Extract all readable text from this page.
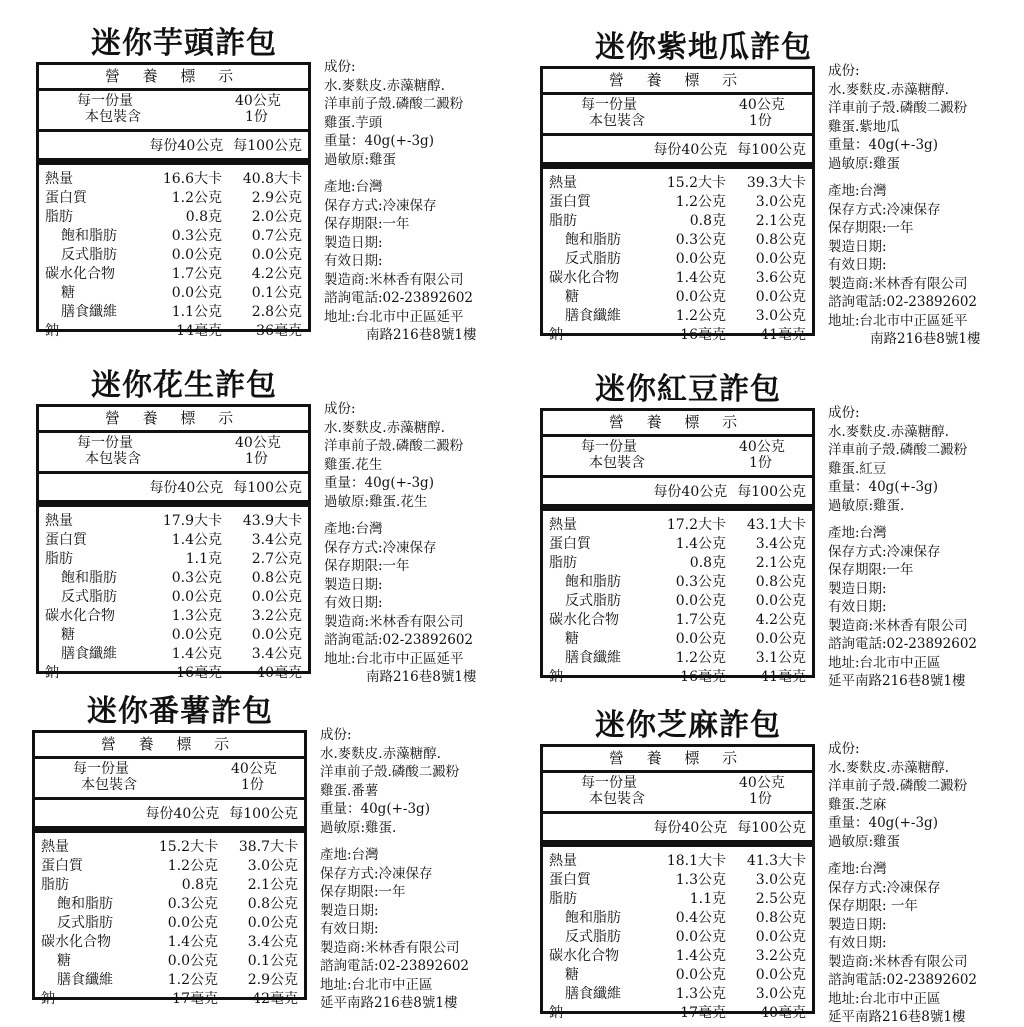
迷你芋頭詐包
營 養 標 示
每一份量	40公克
本包裝含	1份
每份40公克 每100公克
熱量	16.6大卡 40.8大卡
蛋白質	1.2公克 2.9公克
脂肪	0.8克 2.0公克
飽和脂肪	0.3公克 0.7公克
反式脂肪	0.0公克 0.0公克
碳水化合物	1.7公克 4.2公克
糖	0.0公克 0.1公克
膳食纖維	1.1公克 2.8公克
鈉	14毫克 36毫克
成份:
水.麥麩皮.赤藻糖醇.
洋車前子殼.磷酸二澱粉
雞蛋.芋頭
重量：40g(+-3g)
過敏原:雞蛋
產地:台灣
保存方式:冷凍保存
保存期限:一年
製造日期:
有效日期:
製造商:米林香有限公司
諮詢電話:02-23892602
地址:台北市中正區延平
南路216巷8號1樓
迷你紫地瓜詐包
營 養 標 示
每一份量	40公克
本包裝含	1份
每份40公克 每100公克
熱量	15.2大卡 39.3大卡
蛋白質	1.2公克 3.0公克
脂肪	0.8克 2.1公克
飽和脂肪	0.3公克 0.8公克
反式脂肪	0.0公克 0.0公克
碳水化合物	1.4公克 3.6公克
糖	0.0公克 0.0公克
膳食纖維	1.2公克 3.0公克
鈉	16毫克 41毫克
成份:
水.麥麩皮.赤藻糖醇.
洋車前子殼.磷酸二澱粉
雞蛋.紫地瓜
重量：40g(+-3g)
過敏原:雞蛋
產地:台灣
保存方式:冷凍保存
保存期限:一年
製造日期:
有效日期:
製造商:米林香有限公司
諮詢電話:02-23892602
地址:台北市中正區延平
南路216巷8號1樓
迷你花生詐包
營 養 標 示
每一份量	40公克
本包裝含	1份
每份40公克 每100公克
熱量	17.9大卡 43.9大卡
蛋白質	1.4公克 3.4公克
脂肪	1.1克 2.7公克
飽和脂肪	0.3公克 0.8公克
反式脂肪	0.0公克 0.0公克
碳水化合物	1.3公克 3.2公克
糖	0.0公克 0.0公克
膳食纖維	1.4公克 3.4公克
鈉	16毫克 40毫克
成份:
水.麥麩皮.赤藻糖醇.
洋車前子殼.磷酸二澱粉
雞蛋.花生
重量：40g(+-3g)
過敏原:雞蛋.花生
產地:台灣
保存方式:冷凍保存
保存期限:一年
製造日期:
有效日期:
製造商:米林香有限公司
諮詢電話:02-23892602
地址:台北市中正區延平
南路216巷8號1樓
迷你紅豆詐包
營 養 標 示
每一份量	40公克
本包裝含	1份
每份40公克 每100公克
熱量	17.2大卡 43.1大卡
蛋白質	1.4公克 3.4公克
脂肪	0.8克 2.1公克
飽和脂肪	0.3公克 0.8公克
反式脂肪	0.0公克 0.0公克
碳水化合物	1.7公克 4.2公克
糖	0.0公克 0.0公克
膳食纖維	1.2公克 3.1公克
鈉	16毫克 41毫克
成份:
水.麥麩皮.赤藻糖醇.
洋車前子殼.磷酸二澱粉
雞蛋.紅豆
重量：40g(+-3g)
過敏原:雞蛋.
產地:台灣
保存方式:冷凍保存
保存期限:一年
製造日期:
有效日期:
製造商:米林香有限公司
諮詢電話:02-23892602
地址:台北市中正區
延平南路216巷8號1樓
迷你番薯詐包
營 養 標 示
每一份量	40公克
本包裝含	1份
每份40公克 每100公克
熱量	15.2大卡 38.7大卡
蛋白質	1.2公克 3.0公克
脂肪	0.8克 2.1公克
飽和脂肪	0.3公克 0.8公克
反式脂肪	0.0公克 0.0公克
碳水化合物	1.4公克 3.4公克
糖	0.0公克 0.1公克
膳食纖維	1.2公克 2.9公克
鈉	17毫克 42毫克
成份:
水.麥麩皮.赤藻糖醇.
洋車前子殼.磷酸二澱粉
雞蛋.番薯
重量：40g(+-3g)
過敏原:雞蛋.
產地:台灣
保存方式:冷凍保存
保存期限:一年
製造日期:
有效日期:
製造商:米林香有限公司
諮詢電話:02-23892602
地址:台北市中正區
延平南路216巷8號1樓
迷你芝麻詐包
營 養 標 示
每一份量	40公克
本包裝含	1份
每份40公克 每100公克
熱量	18.1大卡 41.3大卡
蛋白質	1.3公克 3.0公克
脂肪	1.1克 2.5公克
飽和脂肪	0.4公克 0.8公克
反式脂肪	0.0公克 0.0公克
碳水化合物	1.4公克 3.2公克
糖	0.0公克 0.0公克
膳食纖維	1.3公克 3.0公克
鈉	17毫克 40毫克
成份:
水.麥麩皮.赤藻糖醇.
洋車前子殼.磷酸二澱粉
雞蛋.芝麻
重量：40g(+-3g)
過敏原:雞蛋
產地:台灣
保存方式:冷凍保存
保存期限: 一年
製造日期:
有效日期:
製造商:米林香有限公司
諮詢電話:02-23892602
地址:台北市中正區
延平南路216巷8號1樓
